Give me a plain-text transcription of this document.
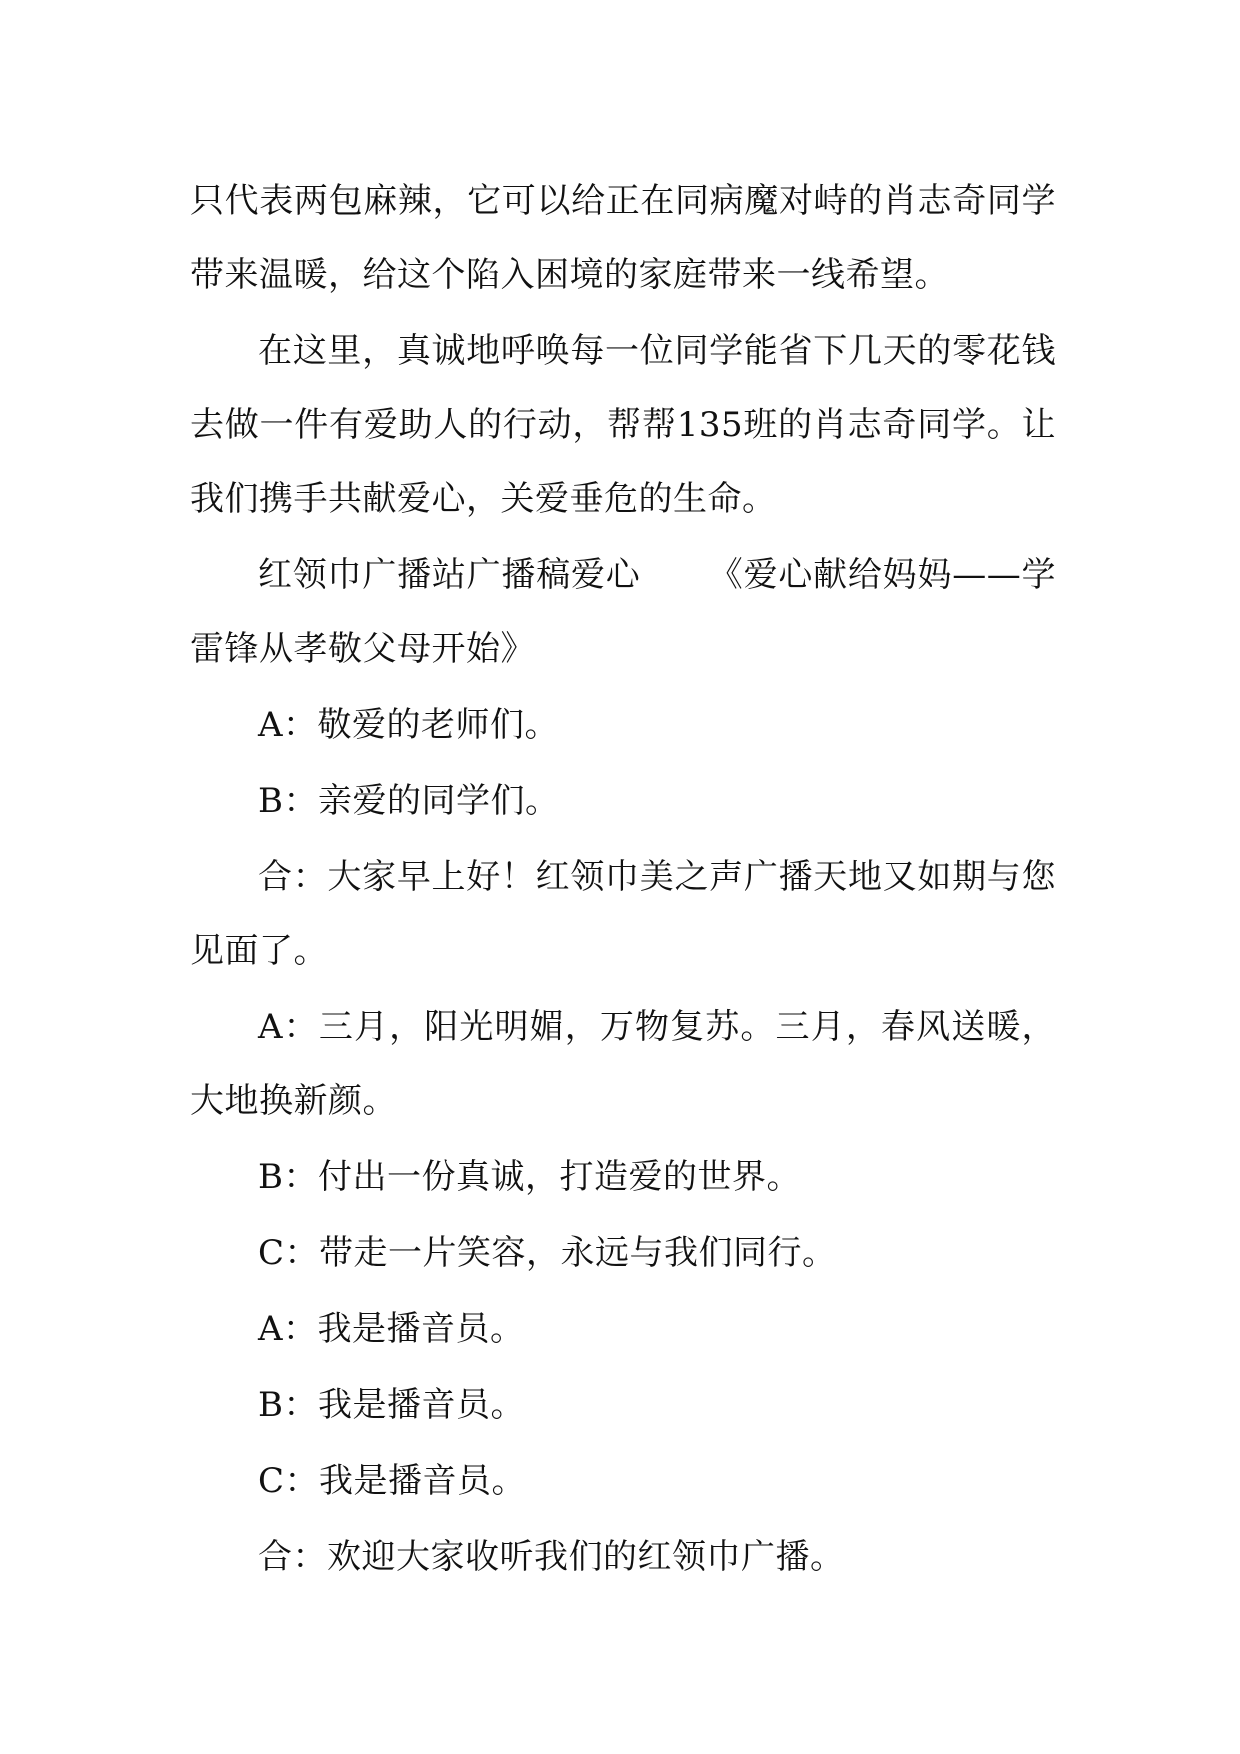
只代表两包麻辣，它可以给正在同病魔对峙的肖志奇同学带来温暖，给这个陷入困境的家庭带来一线希望。

在这里，真诚地呼唤每一位同学能省下几天的零花钱去做一件有爱助人的行动，帮帮135班的肖志奇同学。让我们携手共献爱心，关爱垂危的生命。

红领巾广播站广播稿爱心 《爱心献给妈妈——学雷锋从孝敬父母开始》

A：敬爱的老师们。

B：亲爱的同学们。

合：大家早上好！红领巾美之声广播天地又如期与您见面了。

A：三月，阳光明媚，万物复苏。三月，春风送暖，大地换新颜。

B：付出一份真诚，打造爱的世界。

C：带走一片笑容，永远与我们同行。

A：我是播音员。

B：我是播音员。

C：我是播音员。

合：欢迎大家收听我们的红领巾广播。
